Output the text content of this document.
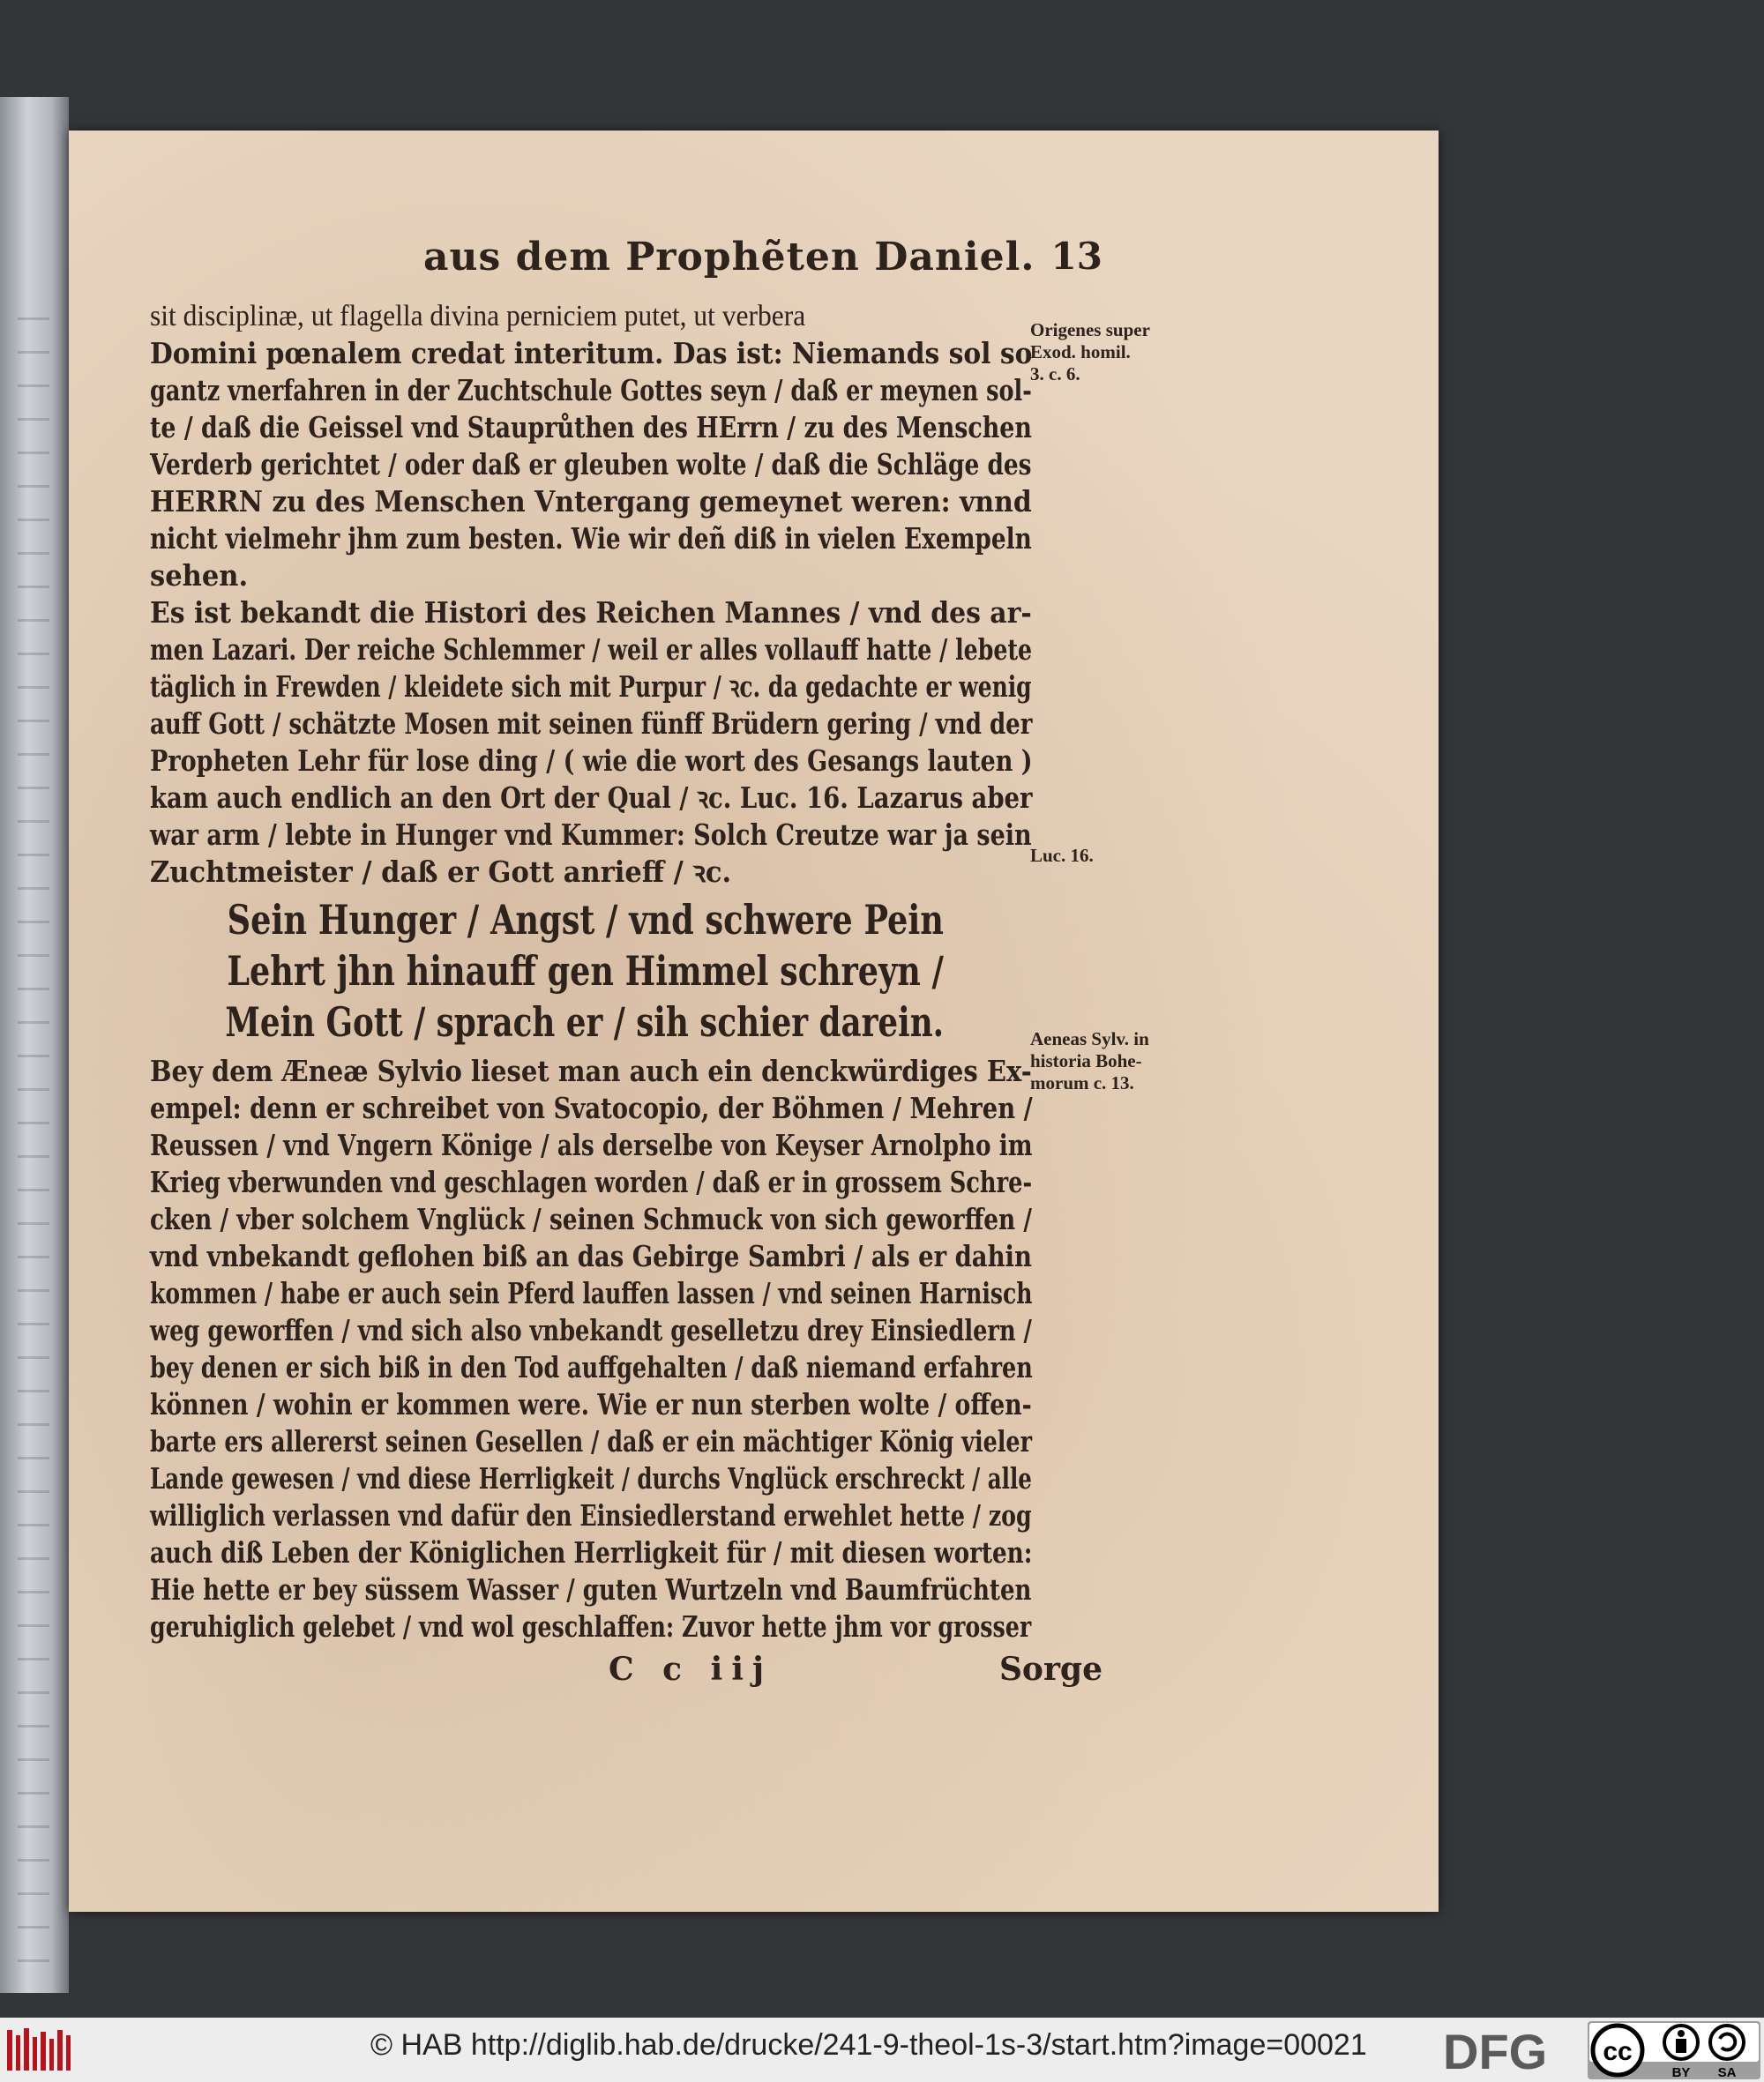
aus dem Prophẽten Daniel. 13
sit disciplinæ, ut flagella divina perniciem putet, ut verbera
Domini pœnalem credat interitum. Das ist: Niemands sol so
gantz vnerfahren in der Zuchtschule Gottes seyn / daß er meynen sol-
te / daß die Geissel vnd Stauprůthen des HErrn / zu des Menschen
Verderb gerichtet / oder daß er gleuben wolte / daß die Schläge des
HERRN zu des Menschen Vntergang gemeynet weren: vnnd
nicht vielmehr jhm zum besten. Wie wir deñ diß in vielen Exempeln
sehen.
Es ist bekandt die Histori des Reichen Mannes / vnd des ar-
men Lazari. Der reiche Schlemmer / weil er alles vollauff hatte / lebete
täglich in Frewden / kleidete sich mit Purpur / ꝛc. da gedachte er wenig
auff Gott / schätzte Mosen mit seinen fünff Brüdern gering / vnd der
Propheten Lehr für lose ding / ( wie die wort des Gesangs lauten )
kam auch endlich an den Ort der Qual / ꝛc. Luc. 16. Lazarus aber
war arm / lebte in Hunger vnd Kummer: Solch Creutze war ja sein
Zuchtmeister / daß er Gott anrieff / ꝛc.
Sein Hunger / Angst / vnd schwere Pein
Lehrt jhn hinauff gen Himmel schreyn /
Mein Gott / sprach er / sih schier darein.
Bey dem Æneæ Sylvio lieset man auch ein denckwürdiges Ex-
empel: denn er schreibet von Svatocopio, der Böhmen / Mehren /
Reussen / vnd Vngern Könige / als derselbe von Keyser Arnolpho im
Krieg vberwunden vnd geschlagen worden / daß er in grossem Schre-
cken / vber solchem Vnglück / seinen Schmuck von sich geworffen /
vnd vnbekandt geflohen biß an das Gebirge Sambri / als er dahin
kommen / habe er auch sein Pferd lauffen lassen / vnd seinen Harnisch
weg geworffen / vnd sich also vnbekandt geselletzu drey Einsiedlern /
bey denen er sich biß in den Tod auffgehalten / daß niemand erfahren
können / wohin er kommen were. Wie er nun sterben wolte / offen-
barte ers allererst seinen Gesellen / daß er ein mächtiger König vieler
Lande gewesen / vnd diese Herrligkeit / durchs Vnglück erschreckt / alle
williglich verlassen vnd dafür den Einsiedlerstand erwehlet hette / zog
auch diß Leben der Königlichen Herrligkeit für / mit diesen worten:
Hie hette er bey süssem Wasser / guten Wurtzeln vnd Baumfrüchten
geruhiglich gelebet / vnd wol geschlaffen: Zuvor hette jhm vor grosser
C c iij	Sorge
Origenes super
Exod. homil.
3. c. 6.
Luc. 16.
Aeneas Sylv. in
historia Bohe-
morum c. 13.
© HAB http://diglib.hab.de/drucke/241-9-theol-1s-3/start.htm?image=00021 DFG cc
BY SA
